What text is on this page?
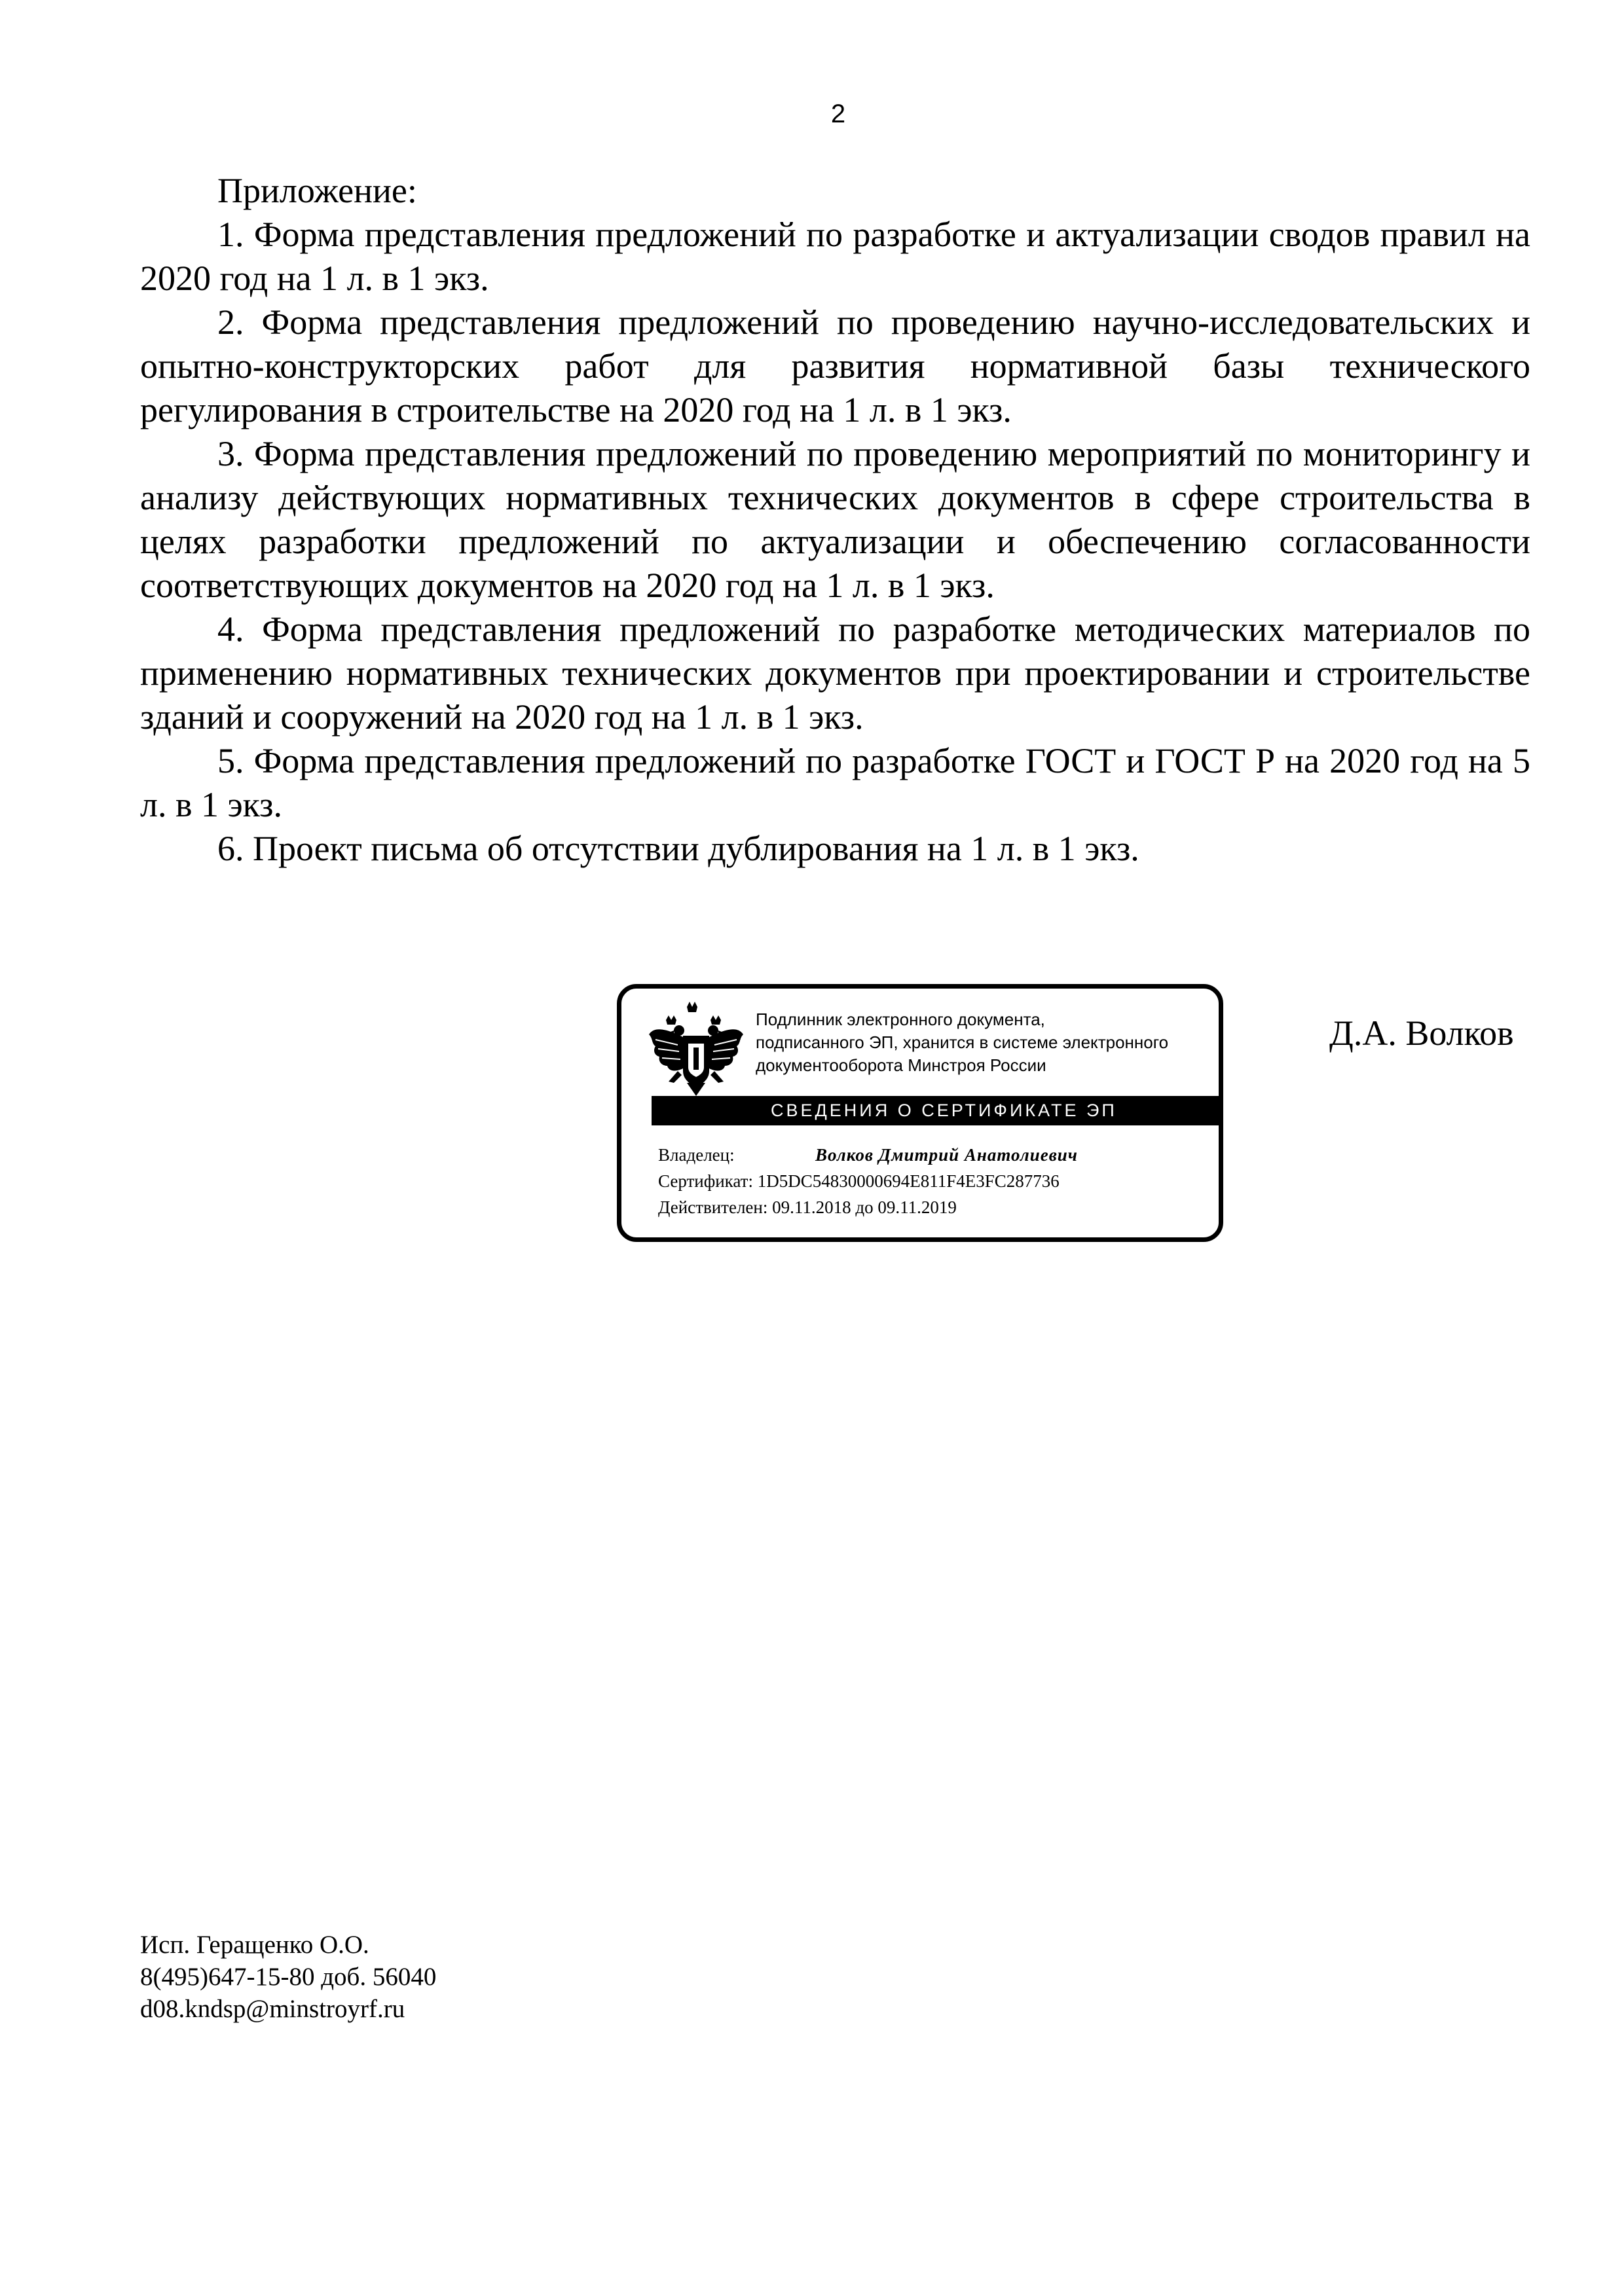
2

Приложение:

1. Форма представления предложений по разработке и актуализации сводов правил на 2020 год на 1 л. в 1 экз.

2. Форма представления предложений по проведению научно-исследовательских и опытно-конструкторских работ для развития нормативной базы технического регулирования в строительстве на 2020 год на 1 л. в 1 экз.

3. Форма представления предложений по проведению мероприятий по мониторингу и анализу действующих нормативных технических документов в сфере строительства в целях разработки предложений по актуализации и обеспечению согласованности соответствующих документов на 2020 год на 1 л. в 1 экз.

4. Форма представления предложений по разработке методических материалов по применению нормативных технических документов при проектировании и строительстве зданий и сооружений на 2020 год на 1 л. в 1 экз.

5. Форма представления предложений по разработке ГОСТ и ГОСТ Р на 2020 год на 5 л. в 1 экз.

6. Проект письма об отсутствии дублирования на 1 л. в 1 экз.

Подлинник электронного документа,
подписанного ЭП, хранится в системе электронного
документооборота Минстроя России
СВЕДЕНИЯ О СЕРТИФИКАТЕ ЭП
Владелец:	Волков Дмитрий Анатолиевич
Сертификат: 1D5DC54830000694E811F4E3FC287736
Действителен: 09.11.2018 до 09.11.2019
Д.А. Волков
Исп. Геращенко О.О.
8(495)647-15-80 доб. 56040
d08.kndsp@minstroyrf.ru
